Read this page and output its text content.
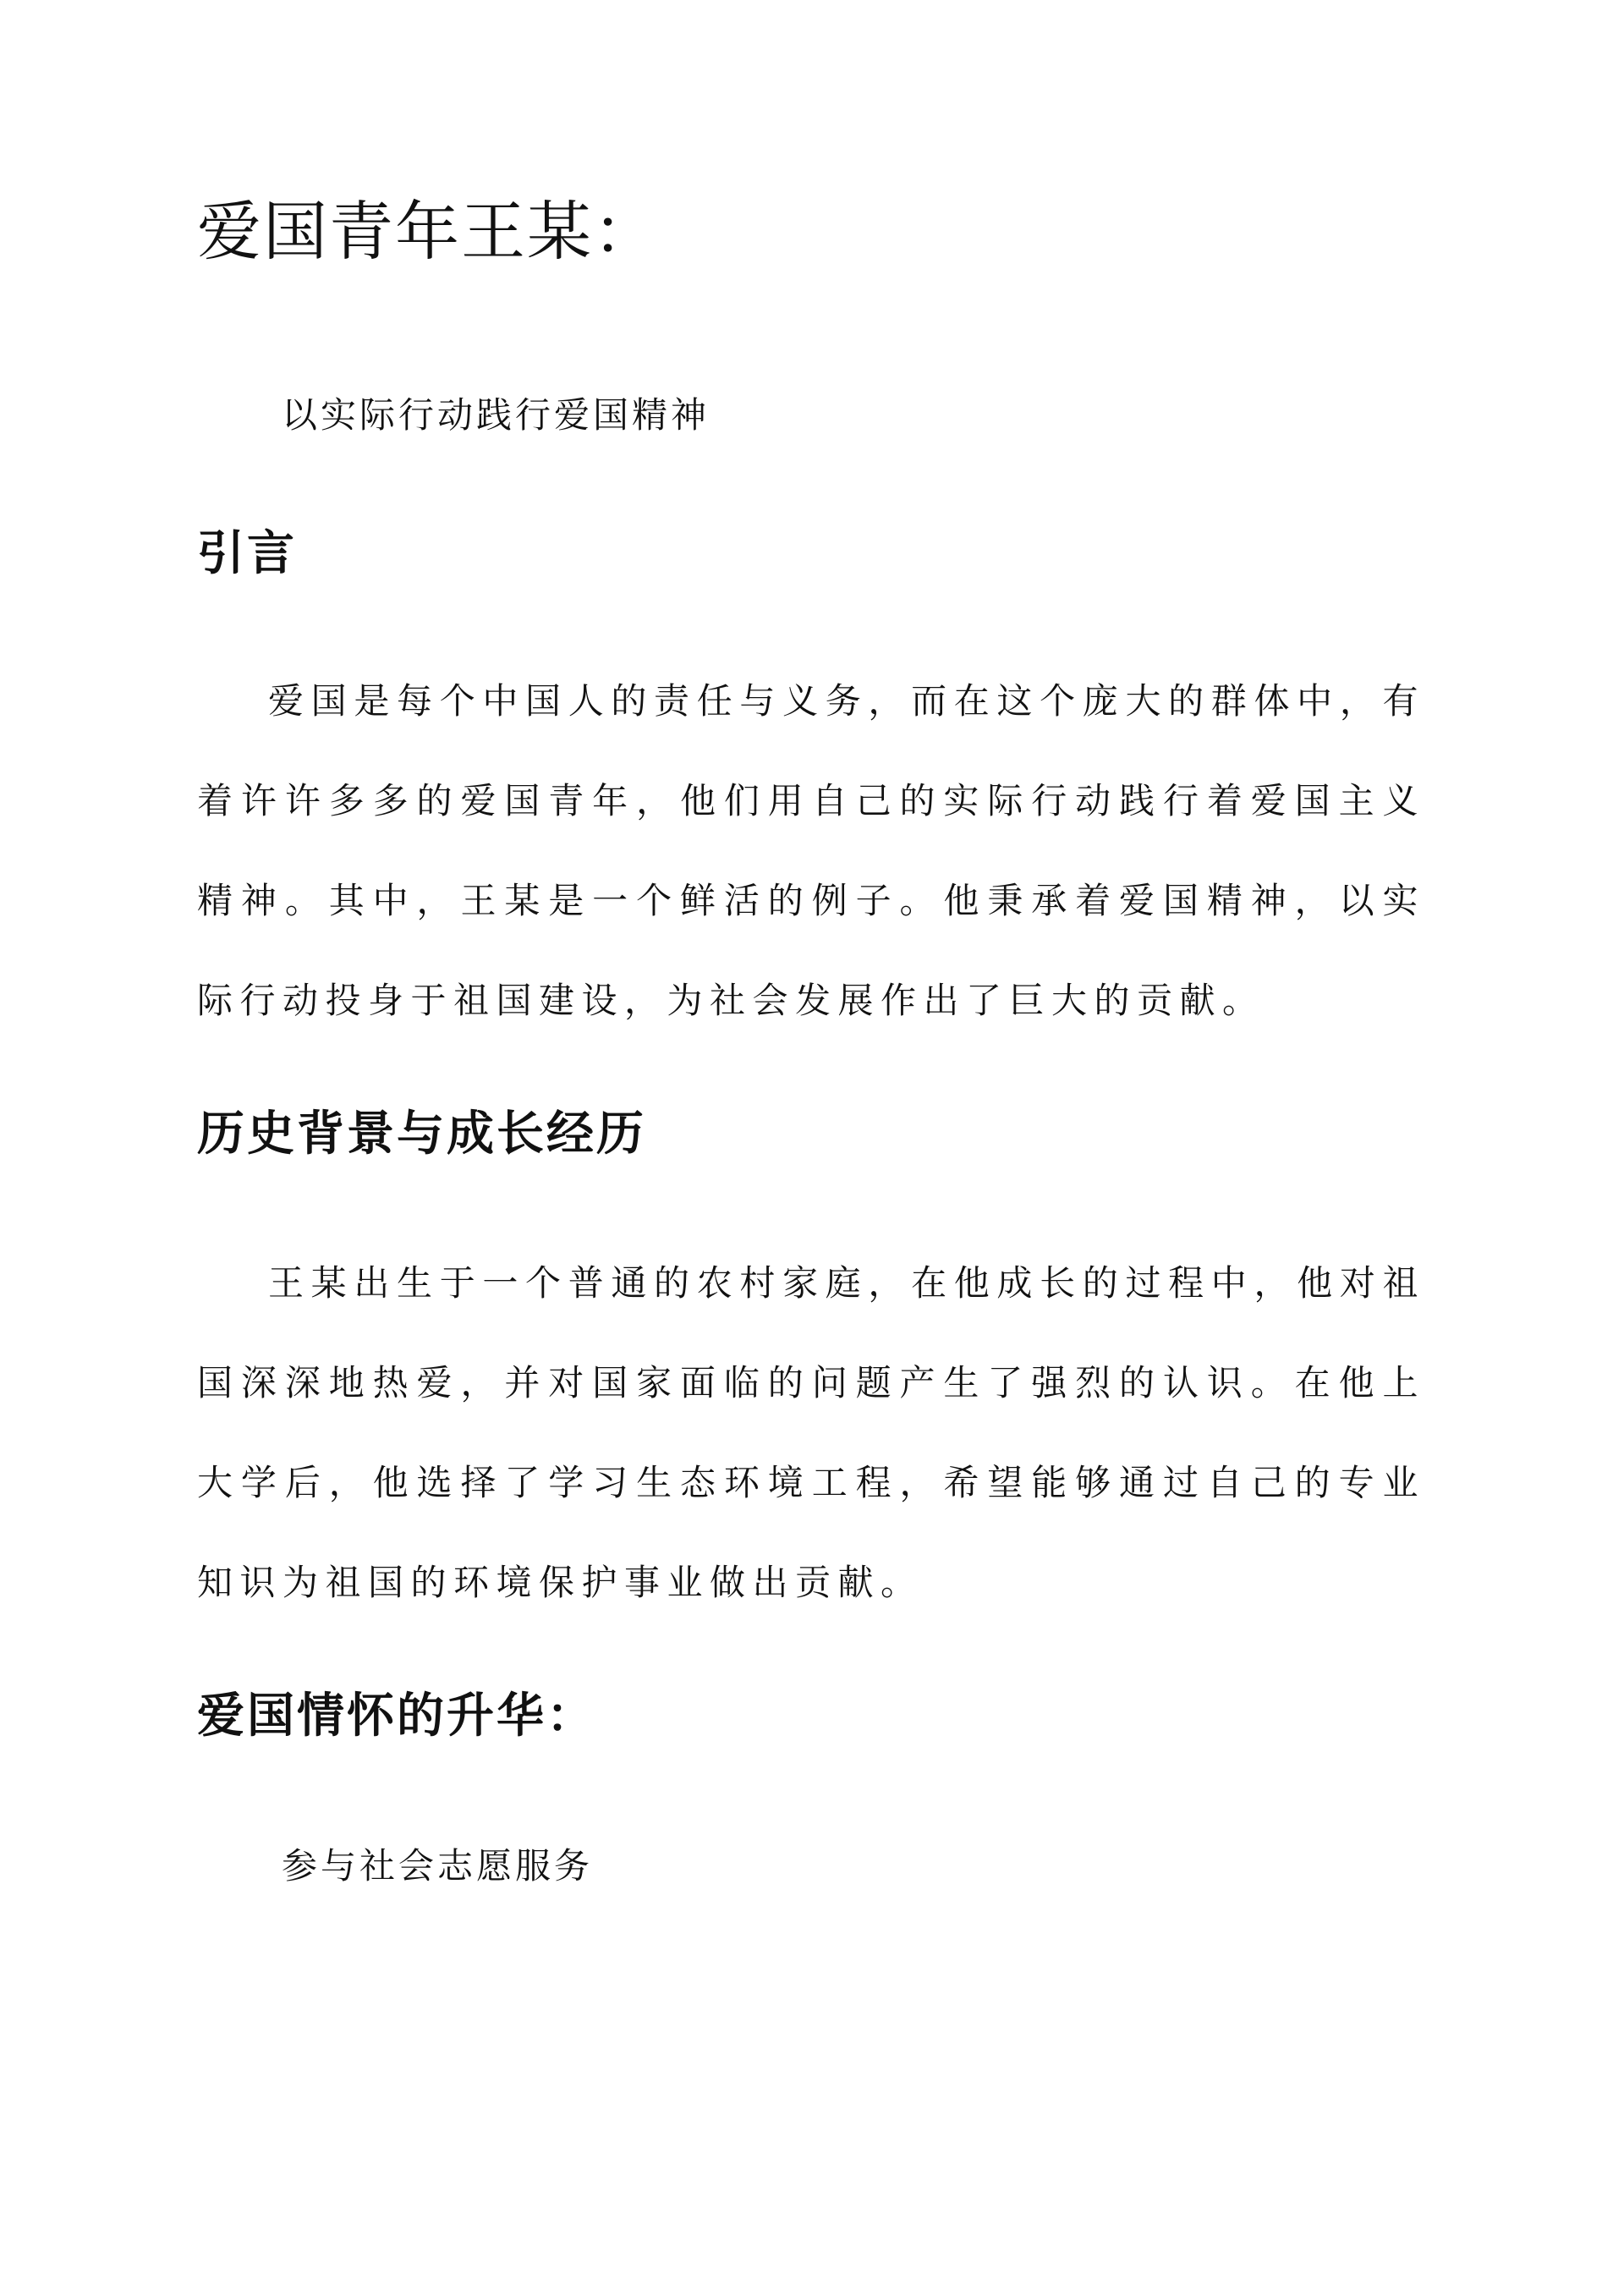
爱国青年王某：

以实际行动践行爱国精神

引言

爱国是每个中国人的责任与义务，而在这个庞大的群体中，有着许许多多的爱国青年，他们用自己的实际行动践行着爱国主义精神。其中，王某是一个鲜活的例子。他秉承着爱国精神，以实际行动投身于祖国建设，为社会发展作出了巨大的贡献。

历史背景与成长经历

王某出生于一个普通的农村家庭，在他成长的过程中，他对祖国深深地热爱，并对国家面临的问题产生了强烈的认识。在他上大学后，他选择了学习生态环境工程，希望能够通过自己的专业知识为祖国的环境保护事业做出贡献。

爱国情怀的升华：

参与社会志愿服务
